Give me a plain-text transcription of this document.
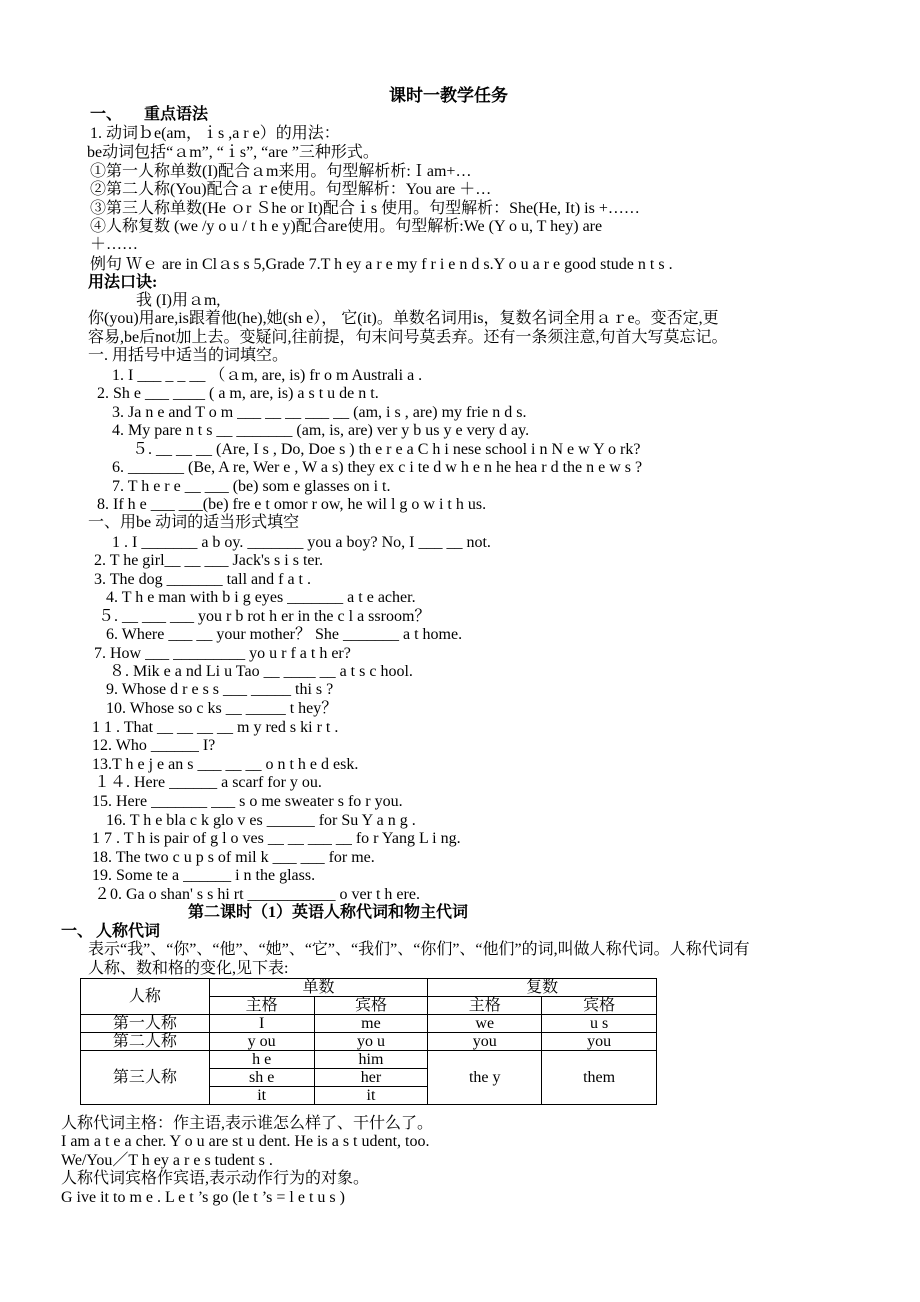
课时一教学任务
一、 重点语法
1. 动词ｂe(am，ｉs ,a r e）的用法：
be动词包括“ａm”, “ｉs”, “are ”三种形式。
①第一人称单数(I)配合ａm来用。句型解析析:Ｉam+…
②第二人称(You)配合ａｒe使用。句型解析：You are ＋…
③第三人称单数(He ｏr Ｓhe or It)配合ｉs 使用。句型解析：She(He, It) is +……
④人称复数 (we /y o u / t h e y)配合are使用。句型解析:We (Y o u, T hey) are
＋……
例句 Ｗｅ are in Clａs s 5,Grade 7.T h ey a r e my f r i e n d s.Y o u a r e good stude n t s .
用法口诀:
我 (I)用ａm,
你(you)用are,is跟着他(he),她(sh e）， 它(it)。单数名词用is，复数名词全用ａｒe。变否定,更
容易,be后not加上去。变疑问,往前提，句末问号莫丢弃。还有一条须注意,句首大写莫忘记。
一. 用括号中适当的词填空。
1. I ___ _ _ __ （ａm, are, is) fr o m Australi a .
2. Sh e ___ ____ ( a m, are, is) a s t u de n t.
3. Ja n e and T o m ___ __ __ ___ __ (am, i s , are) my frie n d s.
4. My pare n t s __ _______ (am, is, are) ver y b us y e very d ay.
５. __ __ __ (Are, I s , Do, Doe s ) th e r e a C h i nese school i n N e w Y o rk?
6. _______ (Be, A re, Wer e , W a s) they ex c i te d w h e n he hea r d the n e w s ?
7. T h e r e __ ___ (be) som e glasses on i t.
8. If h e ___ ___(be) fre e t omor r ow, he wil l g o w i t h us.
一、用be 动词的适当形式填空
1 . I _______ a b oy. _______ you a boy? No, I ___ __ not.
2. T he girl__ __ ___ Jack's s i s ter.
3. The dog _______ tall and f a t .
4. T h e man with b i g eyes _______ a t e acher.
５. __ ___ ___ you r b rot h er in the c l a ssroom？
6. Where ___ __ your mother？ She _______ a t home.
7. How ___ _________ yo u r f a t h er?
８. Mik e a nd Li u Tao __ ____ __ a t s c hool.
9. Whose d r e s s ___ _____ thi s ?
10. Whose so c ks __ _____ t hey？
1 1 . That __ __ __ __ m y red s ki r t .
12. Who ______ I?
13.T h e j e an s ___ __ __ o n t h e d esk.
１４. Here ______ a scarf for y ou.
15. Here _______ ___ s o me sweater s fo r you.
16. T h e bla c k glo v es ______ for Su Y a n g .
1 7 . T h is pair of g l o ves __ __ ___ __ fo r Yang L i ng.
18. The two c u p s of mil k ___ ___ for me.
19. Some te a ______ i n the glass.
２0. Ga o shan' s s hi rt ___________ o ver t h ere.
第二课时（1）英语人称代词和物主代词
一、 人称代词
表示“我”、“你”、“他”、“她”、“它”、“我们”、“你们”、“他们”的词,叫做人称代词。人称代词有
人称、数和格的变化,见下表:
人称	单数		复数	
	主格	宾格	主格	宾格
第一人称	I	me	we	u s
第二人称	y ou	yo u	you	you
第三人称	h e	him	the y	them
	sh e	her		
	it	it		
人称代词主格：作主语,表示谁怎么样了、干什么了。
I am a t e a cher. Y o u are st u dent. He is a s t udent, too.
We/You／T h ey a r e s tudent s .
人称代词宾格作宾语,表示动作行为的对象。
G ive it to m e . L e t ’s go (le t ’s = l e t u s )
